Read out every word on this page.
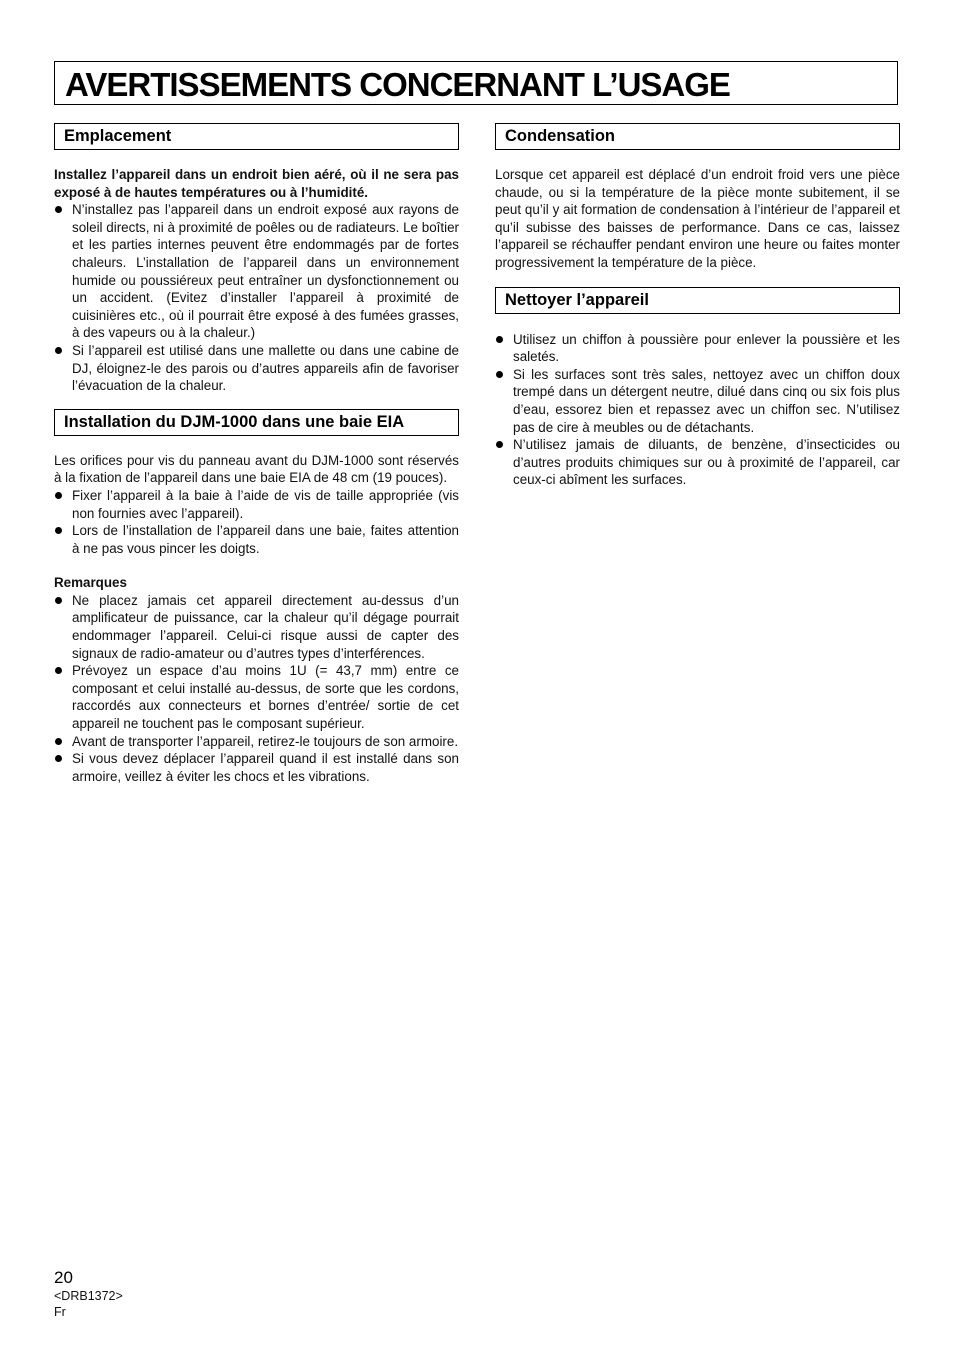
AVERTISSEMENTS CONCERNANT L’USAGE
Emplacement

Installez l’appareil dans un endroit bien aéré, où il ne sera pas exposé à de hautes températures ou à l’humidité.

N’installez pas l’appareil dans un endroit exposé aux rayons de soleil directs, ni à proximité de poêles ou de radiateurs. Le boîtier et les parties internes peuvent être endommagés par de fortes chaleurs. L’installation de l’appareil dans un environnement humide ou poussiéreux peut entraîner un dysfonctionnement ou un accident. (Evitez d’installer l’appareil à proximité de cuisinières etc., où il pourrait être exposé à des fumées grasses, à des vapeurs ou à la chaleur.)
Si l’appareil est utilisé dans une mallette ou dans une cabine de DJ, éloignez-le des parois ou d’autres appareils afin de favoriser l’évacuation de la chaleur.
Installation du DJM-1000 dans une baie EIA

Les orifices pour vis du panneau avant du DJM-1000 sont réservés à la fixation de l’appareil dans une baie EIA de 48 cm (19 pouces).

Fixer l’appareil à la baie à l’aide de vis de taille appropriée (vis non fournies avec l’appareil).
Lors de l’installation de l’appareil dans une baie, faites attention à ne pas vous pincer les doigts.

Remarques

Ne placez jamais cet appareil directement au-dessus d’un amplificateur de puissance, car la chaleur qu’il dégage pourrait endommager l’appareil. Celui-ci risque aussi de capter des signaux de radio-amateur ou d’autres types d’interférences.
Prévoyez un espace d’au moins 1U (= 43,7 mm) entre ce composant et celui installé au-dessus, de sorte que les cordons, raccordés aux connecteurs et bornes d’entrée/ sortie de cet appareil ne touchent pas le composant supérieur.
Avant de transporter l’appareil, retirez-le toujours de son armoire.
Si vous devez déplacer l’appareil quand il est installé dans son armoire, veillez à éviter les chocs et les vibrations.
Condensation

Lorsque cet appareil est déplacé d’un endroit froid vers une pièce chaude, ou si la température de la pièce monte subitement, il se peut qu’il y ait formation de condensation à l’intérieur de l’appareil et qu’il subisse des baisses de performance. Dans ce cas, laissez l’appareil se réchauffer pendant environ une heure ou faites monter progressivement la température de la pièce.

Nettoyer l’appareil
Utilisez un chiffon à poussière pour enlever la poussière et les saletés.
Si les surfaces sont très sales, nettoyez avec un chiffon doux trempé dans un détergent neutre, dilué dans cinq ou six fois plus d’eau, essorez bien et repassez avec un chiffon sec. N’utilisez pas de cire à meubles ou de détachants.
N’utilisez jamais de diluants, de benzène, d’insecticides ou d’autres produits chimiques sur ou à proximité de l’appareil, car ceux-ci abîment les surfaces.
20
<DRB1372>
Fr
